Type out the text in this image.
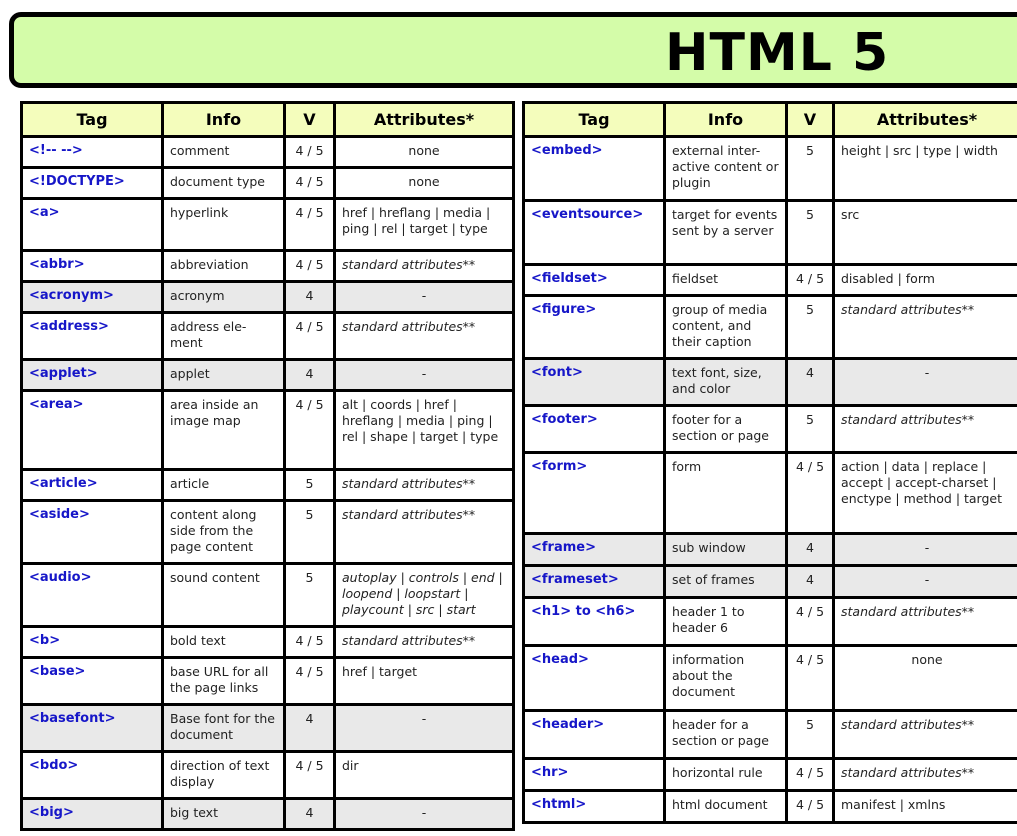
HTML 5
Tag	Info	V	Attributes*
<!-- -->	comment	4 / 5	none
<!DOCTYPE>	document type	4 / 5	none
<a>	hyperlink	4 / 5	href | hreflang | media | ping | rel | target | type
<abbr>	abbreviation	4 / 5	standard attributes**
<acronym>	acronym	4	-
<address>	address ele-ment	4 / 5	standard attributes**
<applet>	applet	4	-
<area>	area inside an image map	4 / 5	alt | coords | href | hreflang | media | ping | rel | shape | target | type
<article>	article	5	standard attributes**
<aside>	content along side from the page content	5	standard attributes**
<audio>	sound content	5	autoplay | controls | end | loopend | loopstart | playcount | src | start
<b>	bold text	4 / 5	standard attributes**
<base>	base URL for all the page links	4 / 5	href | target
<basefont>	Base font for the document	4	-
<bdo>	direction of text display	4 / 5	dir
<big>	big text	4	-
Tag	Info	V	Attributes*
<embed>	external inter-active content or plugin	5	height | src | type | width
<eventsource>	target for events sent by a server	5	src
<fieldset>	fieldset	4 / 5	disabled | form
<figure>	group of media content, and their caption	5	standard attributes**
<font>	text font, size, and color	4	-
<footer>	footer for a section or page	5	standard attributes**
<form>	form	4 / 5	action | data | replace | accept | accept-charset | enctype | method | target
<frame>	sub window	4	-
<frameset>	set of frames	4	-
<h1> to <h6>	header 1 to header 6	4 / 5	standard attributes**
<head>	information about the document	4 / 5	none
<header>	header for a section or page	5	standard attributes**
<hr>	horizontal rule	4 / 5	standard attributes**
<html>	html document	4 / 5	manifest | xmlns
